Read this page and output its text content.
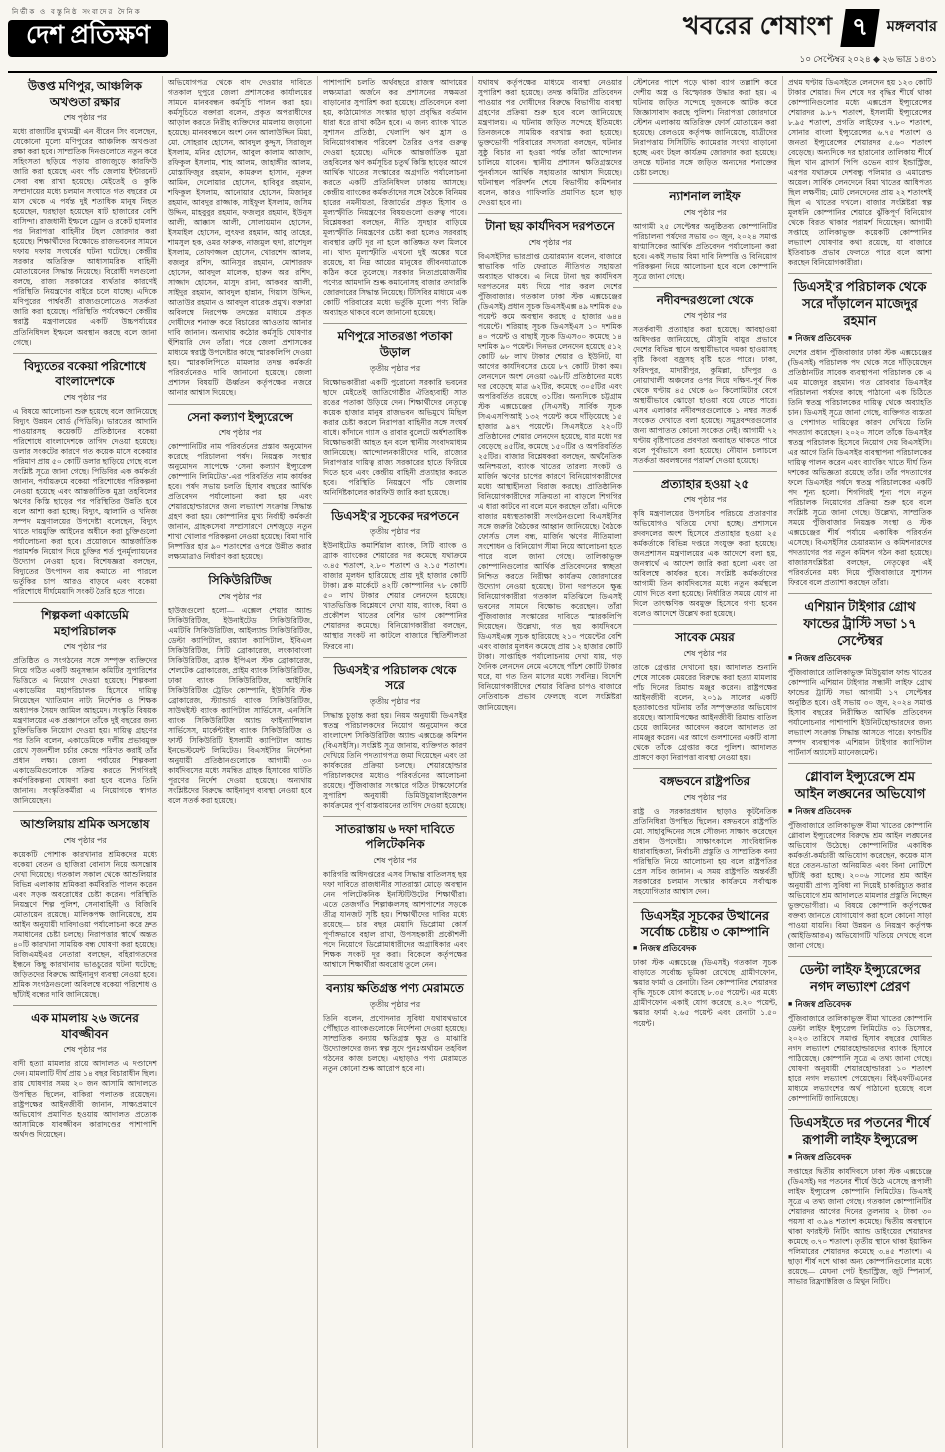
নির্ভীক ও বস্তুনিষ্ঠ সংবাদের দৈনিক
দেশ প্রতিক্ষণ	খবরের শেষাংশ ৭ মঙ্গলবার
১০ সেপ্টেম্বর ২০২৪ ◆ ২৬ ভাদ্র ১৪৩১
উত্তপ্ত মণিপুর, আঞ্চলিক অখণ্ডতা রক্ষার
শেষ পৃষ্ঠার পর

মধ্যে রাজ্যটির মুখ্যমন্ত্রী এন বীরেন সিং বলেছেন, যেকোনো মূল্যে মণিপুরের আঞ্চলিক অখণ্ডতা রক্ষা করা হবে। সাম্প্রতিক দিনগুলোতে নতুন করে সহিংসতা ছড়িয়ে পড়ায় রাজ্যজুড়ে কারফিউ জারি করা হয়েছে এবং পাঁচ জেলায় ইন্টারনেট সেবা বন্ধ রাখা হয়েছে। মেইতেই ও কুকি সম্প্রদায়ের মধ্যে চলমান সংঘাতে গত বছরের মে মাস থেকে এ পর্যন্ত দুই শতাধিক মানুষ নিহত হয়েছেন, ঘরছাড়া হয়েছেন ষাট হাজারের বেশি বাসিন্দা। রাজধানী ইম্ফলে ড্রোন ও রকেট হামলার পর নিরাপত্তা বাহিনীর টহল জোরদার করা হয়েছে। শিক্ষার্থীদের বিক্ষোভে রাজভবনের সামনে দফায় দফায় সংঘর্ষের ঘটনা ঘটেছে। কেন্দ্রীয় সরকার অতিরিক্ত আধাসামরিক বাহিনী মোতায়েনের সিদ্ধান্ত নিয়েছে। বিরোধী দলগুলো বলছে, রাজ্য সরকারের ব্যর্থতার কারণেই পরিস্থিতি নিয়ন্ত্রণের বাইরে চলে যাচ্ছে। এদিকে মণিপুরের পার্শ্ববর্তী রাজ্যগুলোতেও সতর্কতা জারি করা হয়েছে। পরিস্থিতি পর্যবেক্ষণে কেন্দ্রীয় স্বরাষ্ট্র মন্ত্রণালয়ের একটি উচ্চপর্যায়ের প্রতিনিধিদল ইম্ফলে অবস্থান করছে বলে জানা গেছে।

বিদ্যুতের বকেয়া পরিশোধে বাংলাদেশকে
শেষ পৃষ্ঠার পর

এ বিষয়ে আলোচনা শুরু হয়েছে বলে জানিয়েছে বিদ্যুৎ উন্নয়ন বোর্ড (পিডিবি)। ভারতের আদানি পাওয়ারসহ কয়েকটি প্রতিষ্ঠানের বকেয়া পরিশোধে বাংলাদেশকে তাগিদ দেওয়া হয়েছে। ডলার সংকটের কারণে গত কয়েক মাসে বকেয়ার পরিমাণ প্রায় ৫০ কোটি ডলার ছাড়িয়ে গেছে বলে সংশ্লিষ্ট সূত্রে জানা গেছে। পিডিবির এক কর্মকর্তা জানান, পর্যায়ক্রমে বকেয়া পরিশোধের পরিকল্পনা নেওয়া হয়েছে এবং আন্তর্জাতিক মুদ্রা তহবিলের ঋণের কিস্তি ছাড়ের পর পরিস্থিতির উন্নতি হবে বলে আশা করা হচ্ছে। বিদ্যুৎ, জ্বালানি ও খনিজ সম্পদ মন্ত্রণালয়ের উপদেষ্টা বলেছেন, বিদ্যুৎ খাতে দায়মুক্তি আইনের অধীনে করা চুক্তিগুলো পর্যালোচনা করা হবে। প্রয়োজনে আন্তর্জাতিক পরামর্শক নিয়োগ দিয়ে চুক্তির শর্ত পুনর্মূল্যায়নের উদ্যোগ নেওয়া হবে। বিশেষজ্ঞরা বলছেন, বিদ্যুতের উৎপাদন ব্যয় কমাতে না পারলে ভর্তুকির চাপ আরও বাড়বে এবং বকেয়া পরিশোধে দীর্ঘমেয়াদি সংকট তৈরি হতে পারে।

শিল্পকলা একাডেমি মহাপরিচালক
শেষ পৃষ্ঠার পর

প্রতিষ্ঠিত ও সংগঠনের সঙ্গে সম্পৃক্ত ব্যক্তিদের নিয়ে গঠিত একটি অনুসন্ধান কমিটির সুপারিশের ভিত্তিতে এ নিয়োগ দেওয়া হয়েছে। শিল্পকলা একাডেমির মহাপরিচালক হিসেবে দায়িত্ব নিয়েছেন খ্যাতিমান নাট্য নির্দেশক ও শিক্ষক অধ্যাপক সৈয়দ জামিল আহমেদ। সংস্কৃতি বিষয়ক মন্ত্রণালয়ের এক প্রজ্ঞাপনে তাঁকে দুই বছরের জন্য চুক্তিভিত্তিক নিয়োগ দেওয়া হয়। দায়িত্ব গ্রহণের পর তিনি বলেন, একাডেমিকে দলীয় প্রভাবমুক্ত রেখে সৃজনশীল চর্চার কেন্দ্রে পরিণত করাই তাঁর প্রধান লক্ষ্য। জেলা পর্যায়ের শিল্পকলা একাডেমিগুলোকে সক্রিয় করতে শিগগিরই কর্মপরিকল্পনা ঘোষণা করা হবে বলেও তিনি জানান। সংস্কৃতিকর্মীরা এ নিয়োগকে স্বাগত জানিয়েছেন।

আশুলিয়ায় শ্রমিক অসন্তোষ
শেষ পৃষ্ঠার পর

কয়েকটি পোশাক কারখানার শ্রমিকদের মধ্যে বকেয়া বেতন ও হাজিরা বোনাস নিয়ে অসন্তোষ দেখা দিয়েছে। গতকাল সকাল থেকে আশুলিয়ার বিভিন্ন এলাকায় শ্রমিকরা কর্মবিরতি পালন করেন এবং সড়ক অবরোধের চেষ্টা করেন। পরিস্থিতি নিয়ন্ত্রণে শিল্প পুলিশ, সেনাবাহিনী ও বিজিবি মোতায়েন রয়েছে। মালিকপক্ষ জানিয়েছে, শ্রম আইন অনুযায়ী দাবিদাওয়া পর্যালোচনা করে দ্রুত সমাধানের চেষ্টা চলছে। নিরাপত্তার স্বার্থে অন্তত ৪০টি কারখানা সাময়িক বন্ধ ঘোষণা করা হয়েছে। বিজিএমইএর নেতারা বলছেন, বহিরাগতদের ইন্ধনে কিছু কারখানায় ভাঙচুরের ঘটনা ঘটেছে; জড়িতদের বিরুদ্ধে আইনানুগ ব্যবস্থা নেওয়া হবে। শ্রমিক সংগঠনগুলো অবিলম্বে বকেয়া পরিশোধ ও ছাঁটাই বন্ধের দাবি জানিয়েছে।

এক মামলায় ২৬ জনের যাবজ্জীবন
শেষ পৃষ্ঠার পর

বাদী হত্যা মামলার রায়ে আদালত এ দণ্ডাদেশ দেন। মামলাটি দীর্ঘ প্রায় ১৪ বছর বিচারাধীন ছিল। রায় ঘোষণার সময় ২০ জন আসামি আদালতে উপস্থিত ছিলেন, বাকিরা পলাতক রয়েছেন। রাষ্ট্রপক্ষের আইনজীবী জানান, সাক্ষ্যপ্রমাণে অভিযোগ প্রমাণিত হওয়ায় আদালত প্রত্যেক আসামিকে যাবজ্জীবন কারাদণ্ডের পাশাপাশি অর্থদণ্ড দিয়েছেন।

অভিযোগপত্র থেকে বাদ দেওয়ার দাবিতে গতকাল দুপুরে জেলা প্রশাসকের কার্যালয়ের সামনে মানববন্ধন কর্মসূচি পালন করা হয়। কর্মসূচিতে বক্তারা বলেন, প্রকৃত অপরাধীদের আড়াল করতে নিরীহ ব্যক্তিদের মামলায় জড়ানো হয়েছে। মানববন্ধনে অংশ নেন আলাউদ্দিন মিয়া, মো. সোহরাব হোসেন, আবদুল কুদ্দুস, সিরাজুল ইসলাম, মনির হোসেন, আবুল কালাম আজাদ, রফিকুল ইসলাম, শাহ আলম, জাহাঙ্গীর আলম, মোস্তাফিজুর রহমান, কামরুল হাসান, নূরুল আমিন, দেলোয়ার হোসেন, হাবিবুর রহমান, শফিকুল ইসলাম, আনোয়ার হোসেন, মিজানুর রহমান, আবদুর রাজ্জাক, সাইফুল ইসলাম, জসিম উদ্দিন, মাহবুবুর রহমান, ফজলুর রহমান, ইউনুস আলী, আক্কাস আলী, সোলায়মান হোসেন, ইসমাইল হোসেন, লুৎফর রহমান, আবু তাহের, শামসুল হক, ওমর ফারুক, নাজমুল হুদা, রাশেদুল ইসলাম, তোফাজ্জল হোসেন, খোরশেদ আলম, বজলুর রশিদ, আনিসুর রহমান, মোশাররফ হোসেন, আবদুল মালেক, হারুন অর রশিদ, সাজ্জাদ হোসেন, মাসুদ রানা, আকবর আলী, সাইদুর রহমান, আবদুল হান্নান, গিয়াস উদ্দিন, আতাউর রহমান ও আবদুল বারেক প্রমুখ। বক্তারা অবিলম্বে নিরপেক্ষ তদন্তের মাধ্যমে প্রকৃত দোষীদের শনাক্ত করে বিচারের আওতায় আনার দাবি জানান। অন্যথায় কঠোর কর্মসূচি ঘোষণার হুঁশিয়ারি দেন তাঁরা। পরে জেলা প্রশাসকের মাধ্যমে স্বরাষ্ট্র উপদেষ্টার কাছে স্মারকলিপি দেওয়া হয়। স্মারকলিপিতে মামলার তদন্ত কর্মকর্তা পরিবর্তনেরও দাবি জানানো হয়েছে। জেলা প্রশাসন বিষয়টি ঊর্ধ্বতন কর্তৃপক্ষের নজরে আনার আশ্বাস দিয়েছে।

সেনা কল্যাণ ইন্স্যুরেন্সে
শেষ পৃষ্ঠার পর

কোম্পানিটির নাম পরিবর্তনের প্রস্তাব অনুমোদন করেছে পরিচালনা পর্ষদ। নিয়ন্ত্রক সংস্থার অনুমোদন সাপেক্ষে ‘সেনা কল্যাণ ইন্স্যুরেন্স কোম্পানি লিমিটেড’-এর পরিবর্তিত নাম কার্যকর হবে। পর্ষদ সভায় চলতি হিসাব বছরের আর্থিক প্রতিবেদন পর্যালোচনা করা হয় এবং শেয়ারহোল্ডারদের জন্য লভ্যাংশ সংক্রান্ত সিদ্ধান্ত গ্রহণ করা হয়। কোম্পানির মুখ্য নির্বাহী কর্মকর্তা জানান, গ্রাহকসেবা সম্প্রসারণে দেশজুড়ে নতুন শাখা খোলার পরিকল্পনা নেওয়া হয়েছে। বিমা দাবি নিষ্পত্তির হার ৯০ শতাংশের ওপরে উন্নীত করার লক্ষ্যমাত্রাও নির্ধারণ করা হয়েছে।

সিকিউরিটিজ
শেষ পৃষ্ঠার পর

হাউজগুলো হলো— এক্সেল শেয়ার অ্যান্ড সিকিউরিটিজ, ইউনাইটেড সিকিউরিটিজ, এমটিবি সিকিউরিটিজ, আইল্যান্ড সিকিউরিটিজ, ডেল্টা ক্যাপিটাল, রয়্যাল ক্যাপিটাল, ইবিএল সিকিউরিটিজ, সিটি ব্রোকারেজ, লংকাবাংলা সিকিউরিটিজ, ব্র্যাক ইপিএল স্টক ব্রোকারেজ, শেলটেক ব্রোকারেজ, প্রাইম ব্যাংক সিকিউরিটিজ, ঢাকা ব্যাংক সিকিউরিটিজ, আইসিবি সিকিউরিটিজ ট্রেডিং কোম্পানি, ইউসিবি স্টক ব্রোকারেজ, স্ট্যান্ডার্ড ব্যাংক সিকিউরিটিজ, সাউথইস্ট ব্যাংক ক্যাপিটাল সার্ভিসেস, এনসিসি ব্যাংক সিকিউরিটিজ অ্যান্ড ফাইন্যান্সিয়াল সার্ভিসেস, মার্কেন্টাইল ব্যাংক সিকিউরিটিজ ও ফার্স্ট সিকিউরিটি ইসলামী ক্যাপিটাল অ্যান্ড ইনভেস্টমেন্ট লিমিটেড। বিএসইসির নির্দেশনা অনুযায়ী প্রতিষ্ঠানগুলোকে আগামী ৩০ কার্যদিবসের মধ্যে সমন্বিত গ্রাহক হিসাবের ঘাটতি পূরণের নির্দেশ দেওয়া হয়েছে। অন্যথায় সংশ্লিষ্টদের বিরুদ্ধে আইনানুগ ব্যবস্থা নেওয়া হবে বলে সতর্ক করা হয়েছে।

পাশাপাশি চলতি অর্থবছরে রাজস্ব আদায়ের লক্ষ্যমাত্রা অর্জনে কর প্রশাসনের সক্ষমতা বাড়ানোর সুপারিশ করা হয়েছে। প্রতিবেদনে বলা হয়, কাঠামোগত সংস্কার ছাড়া প্রবৃদ্ধির বর্তমান ধারা ধরে রাখা কঠিন হবে। এ জন্য ব্যাংক খাতে সুশাসন প্রতিষ্ঠা, খেলাপি ঋণ হ্রাস ও বিনিয়োগবান্ধব পরিবেশ তৈরির ওপর গুরুত্ব দেওয়া হয়েছে। এদিকে আন্তর্জাতিক মুদ্রা তহবিলের ঋণ কর্মসূচির চতুর্থ কিস্তি ছাড়ের আগে আর্থিক খাতের সংস্কারের অগ্রগতি পর্যালোচনা করতে একটি প্রতিনিধিদল ঢাকায় আসছে। কেন্দ্রীয় ব্যাংকের কর্মকর্তাদের সঙ্গে বৈঠকে বিনিময় হারের নমনীয়তা, রিজার্ভের প্রকৃত হিসাব ও মূল্যস্ফীতি নিয়ন্ত্রণের বিষয়গুলো গুরুত্ব পাবে। বিশ্লেষকরা বলছেন, নীতি সুদহার বাড়িয়ে মূল্যস্ফীতি নিয়ন্ত্রণের চেষ্টা করা হলেও সরবরাহ ব্যবস্থার ত্রুটি দূর না হলে কাঙ্ক্ষিত ফল মিলবে না। খাদ্য মূল্যস্ফীতি এখনো দুই অঙ্কের ঘরে রয়েছে, যা নিম্ন আয়ের মানুষের জীবনযাত্রাকে কঠিন করে তুলেছে। সরকার নিত্যপ্রয়োজনীয় পণ্যের আমদানি শুল্ক কমানোসহ বাজার তদারকি জোরদারের সিদ্ধান্ত নিয়েছে। টিসিবির মাধ্যমে এক কোটি পরিবারের মধ্যে ভর্তুকি মূল্যে পণ্য বিক্রি অব্যাহত থাকবে বলে জানানো হয়েছে।

মণিপুরে সাতরঙা পতাকা উড়াল
তৃতীয় পৃষ্ঠার পর

বিক্ষোভকারীরা একটি পুরোনো সরকারি ভবনের ছাদে মেইতেই জাতিগোষ্ঠীর ঐতিহ্যবাহী সাত রঙের পতাকা উড়িয়ে দেন। শিক্ষার্থীদের নেতৃত্বে কয়েক হাজার মানুষ রাজভবন অভিমুখে মিছিল করার চেষ্টা করলে নিরাপত্তা বাহিনীর সঙ্গে সংঘর্ষ বাধে। কাঁদানে গ্যাস ও রাবার বুলেটে অর্ধশতাধিক বিক্ষোভকারী আহত হন বলে স্থানীয় সংবাদমাধ্যম জানিয়েছে। আন্দোলনকারীদের দাবি, রাজ্যের নিরাপত্তার দায়িত্ব রাজ্য সরকারের হাতে ফিরিয়ে দিতে হবে এবং কেন্দ্রীয় বাহিনী প্রত্যাহার করতে হবে। পরিস্থিতি নিয়ন্ত্রণে পাঁচ জেলায় অনির্দিষ্টকালের কারফিউ জারি করা হয়েছে।

ডিএসই'র সূচকের দরপতনে
তৃতীয় পৃষ্ঠার পর

ইউনাইটেড কমার্শিয়াল ব্যাংক, সিটি ব্যাংক ও ব্র্যাক ব্যাংকের শেয়ারের দর কমেছে যথাক্রমে ৩.৪৫ শতাংশ, ২.৮০ শতাংশ ও ২.১৫ শতাংশ। বাজার মূলধন হারিয়েছে প্রায় দুই হাজার কোটি টাকা। ব্লক মার্কেটে ৪২টি কোম্পানির ৭৮ কোটি ৫০ লাখ টাকার শেয়ার লেনদেন হয়েছে। খাতভিত্তিক বিশ্লেষণে দেখা যায়, ব্যাংক, বিমা ও প্রকৌশল খাতের বেশির ভাগ কোম্পানির শেয়ারদর কমেছে। বিনিয়োগকারীরা বলছেন, আস্থার সংকট না কাটলে বাজারে স্থিতিশীলতা ফিরবে না।

ডিএসই'র পরিচালক থেকে সরে
তৃতীয় পৃষ্ঠার পর

সিদ্ধান্ত চূড়ান্ত করা হয়। নিয়ম অনুযায়ী ডিএসইর স্বতন্ত্র পরিচালকদের নিয়োগ অনুমোদন করে বাংলাদেশ সিকিউরিটিজ অ্যান্ড এক্সচেঞ্জ কমিশন (বিএসইসি)। সংশ্লিষ্ট সূত্র জানায়, ব্যক্তিগত কারণ দেখিয়ে তিনি পদত্যাগপত্র জমা দিয়েছেন এবং তা কার্যকরের প্রক্রিয়া চলছে। শেয়ারহোল্ডার পরিচালকদের মধ্যেও পরিবর্তনের আলোচনা রয়েছে। পুঁজিবাজার সংস্কারে গঠিত টাস্কফোর্সের সুপারিশ অনুযায়ী ডিমিউচুয়ালাইজেশন কার্যক্রমের পূর্ণ বাস্তবায়নের তাগিদ দেওয়া হয়েছে।

সাতরাস্তায় ৬ দফা দাবিতে পলিটেকনিক
শেষ পৃষ্ঠার পর

কারিগরি অধিদপ্তরের এসব সিদ্ধান্ত বাতিলসহ ছয় দফা দাবিতে রাজধানীর সাতরাস্তা মোড়ে অবস্থান নেন পলিটেকনিক ইনস্টিটিউটের শিক্ষার্থীরা। এতে তেজগাঁও শিল্পাঞ্চলসহ আশপাশের সড়কে তীব্র যানজট সৃষ্টি হয়। শিক্ষার্থীদের দাবির মধ্যে রয়েছে— চার বছর মেয়াদি ডিপ্লোমা কোর্স পূর্ণাঙ্গভাবে বহাল রাখা, উপসহকারী প্রকৌশলী পদে নিয়োগে ডিপ্লোমাধারীদের অগ্রাধিকার এবং শিক্ষক সংকট দূর করা। বিকেলে কর্তৃপক্ষের আশ্বাসে শিক্ষার্থীরা অবরোধ তুলে নেন।

বন্যায় ক্ষতিগ্রস্ত পণ্য মেরামতে
তৃতীয় পৃষ্ঠার পর

তিনি বলেন, প্রণোদনার সুবিধা যথাযথভাবে পৌঁছাতে ব্যাংকগুলোকে নির্দেশনা দেওয়া হয়েছে। সাম্প্রতিক বন্যায় ক্ষতিগ্রস্ত ক্ষুদ্র ও মাঝারি উদ্যোক্তাদের জন্য স্বল্প সুদে পুনঃঅর্থায়ন তহবিল গঠনের কাজ চলছে। এছাড়াও পণ্য মেরামতে নতুন কোনো শুল্ক আরোপ হবে না।

যথাযথ কর্তৃপক্ষের মাধ্যমে ব্যবস্থা নেওয়ার সুপারিশ করা হয়েছে। তদন্ত কমিটির প্রতিবেদন পাওয়ার পর দোষীদের বিরুদ্ধে বিভাগীয় ব্যবস্থা গ্রহণের প্রক্রিয়া শুরু হবে বলে জানিয়েছে মন্ত্রণালয়। এ ঘটনায় জড়িত সন্দেহে ইতিমধ্যে তিনজনকে সাময়িক বরখাস্ত করা হয়েছে। ভুক্তভোগী পরিবারের সদস্যরা বলছেন, ঘটনার সুষ্ঠু বিচার না হওয়া পর্যন্ত তাঁরা আন্দোলন চালিয়ে যাবেন। স্থানীয় প্রশাসন ক্ষতিগ্রস্তদের পুনর্বাসনে আর্থিক সহায়তার আশ্বাস দিয়েছে। ঘটনাস্থল পরিদর্শন শেষে বিভাগীয় কমিশনার বলেন, কারও গাফিলতি প্রমাণিত হলে ছাড় দেওয়া হবে না।

টানা ছয় কার্যদিবস দরপতনে
শেষ পৃষ্ঠার পর

বিএসইসির ভারপ্রাপ্ত চেয়ারম্যান বলেন, বাজারে স্বাভাবিক গতি ফেরাতে নীতিগত সহায়তা অব্যাহত থাকবে। এ নিয়ে টানা ছয় কার্যদিবস দরপতনের মধ্য দিয়ে পার করল দেশের পুঁজিবাজার। গতকাল ঢাকা স্টক এক্সচেঞ্জের (ডিএসই) প্রধান সূচক ডিএসইএক্স ৪৯ দশমিক ৫৬ পয়েন্ট কমে অবস্থান করছে ৫ হাজার ৬৪৪ পয়েন্টে। শরিয়াহ সূচক ডিএসইএস ১০ দশমিক ৪০ পয়েন্ট ও বাছাই সূচক ডিএস৩০ কমেছে ১৪ দশমিক ৯০ পয়েন্ট। দিনভর লেনদেন হয়েছে ৫১২ কোটি ৬৮ লাখ টাকার শেয়ার ও ইউনিট, যা আগের কার্যদিবসের চেয়ে ৮৭ কোটি টাকা কম। লেনদেনে অংশ নেওয়া ৩৯৮টি প্রতিষ্ঠানের মধ্যে দর বেড়েছে মাত্র ৬২টির, কমেছে ৩০৫টির এবং অপরিবর্তিত রয়েছে ৩১টির। অন্যদিকে চট্টগ্রাম স্টক এক্সচেঞ্জের (সিএসই) সার্বিক সূচক সিএএসপিআই ১৩২ পয়েন্ট কমে দাঁড়িয়েছে ১৫ হাজার ৯৪৭ পয়েন্টে। সিএসইতে ২২০টি প্রতিষ্ঠানের শেয়ার লেনদেন হয়েছে, যার মধ্যে দর বেড়েছে ৪৫টির, কমেছে ১৫০টির ও অপরিবর্তিত ২৫টির। বাজার বিশ্লেষকরা বলছেন, অর্থনৈতিক অনিশ্চয়তা, ব্যাংক খাতের তারল্য সংকট ও মার্জিন ঋণের চাপের কারণে বিনিয়োগকারীদের মধ্যে আস্থাহীনতা বিরাজ করছে। প্রাতিষ্ঠানিক বিনিয়োগকারীদের সক্রিয়তা না বাড়লে শিগগির এ ধারা কাটবে না বলে মনে করছেন তাঁরা। এদিকে বাজার মধ্যস্থতাকারী সংগঠনগুলো বিএসইসির সঙ্গে জরুরি বৈঠকের আহ্বান জানিয়েছে। বৈঠকে ফোর্সড সেল বন্ধ, মার্জিন ঋণের নীতিমালা সংশোধন ও বিনিয়োগ সীমা নিয়ে আলোচনা হতে পারে বলে জানা গেছে। তালিকাভুক্ত কোম্পানিগুলোর আর্থিক প্রতিবেদনের স্বচ্ছতা নিশ্চিত করতে নিরীক্ষা কার্যক্রম জোরদারের উদ্যোগ নেওয়া হয়েছে। টানা দরপতনে ক্ষুব্ধ বিনিয়োগকারীরা গতকাল মতিঝিলে ডিএসই ভবনের সামনে বিক্ষোভ করেছেন। তাঁরা পুঁজিবাজার সংস্কারের দাবিতে স্মারকলিপি দিয়েছেন। উল্লেখ্য, গত ছয় কার্যদিবসে ডিএসইএক্স সূচক হারিয়েছে ২১০ পয়েন্টের বেশি এবং বাজার মূলধন কমেছে প্রায় ১২ হাজার কোটি টাকা। সাপ্তাহিক পর্যালোচনায় দেখা যায়, গড় দৈনিক লেনদেন নেমে এসেছে পাঁচশ কোটি টাকার ঘরে, যা গত তিন মাসের মধ্যে সর্বনিম্ন। বিদেশি বিনিয়োগকারীদের শেয়ার বিক্রির চাপও বাজারে নেতিবাচক প্রভাব ফেলছে বলে সংশ্লিষ্টরা জানিয়েছেন।

স্টেশনের পাশে পড়ে থাকা ব্যাগ তল্লাশি করে দেশীয় অস্ত্র ও বিস্ফোরক উদ্ধার করা হয়। এ ঘটনায় জড়িত সন্দেহে দুজনকে আটক করে জিজ্ঞাসাবাদ করছে পুলিশ। নিরাপত্তা জোরদারে স্টেশন এলাকায় অতিরিক্ত ফোর্স মোতায়েন করা হয়েছে। রেলওয়ে কর্তৃপক্ষ জানিয়েছে, যাত্রীদের নিরাপত্তায় সিসিটিভি ক্যামেরার সংখ্যা বাড়ানো হচ্ছে এবং টহল কার্যক্রম জোরদার করা হয়েছে। তদন্তে ঘটনার সঙ্গে জড়িত অন্যদের শনাক্তের চেষ্টা চলছে।

ন্যাশনাল লাইফ
শেষ পৃষ্ঠার পর

আগামী ২৫ সেপ্টেম্বর অনুষ্ঠিতব্য কোম্পানিটির পরিচালনা পর্ষদের সভায় ৩০ জুন, ২০২৪ সমাপ্ত ষাণ্মাসিকের আর্থিক প্রতিবেদন পর্যালোচনা করা হবে। একই সভায় বিমা দাবি নিষ্পত্তি ও বিনিয়োগ পরিকল্পনা নিয়ে আলোচনা হবে বলে কোম্পানি সূত্রে জানা গেছে।

নদীবন্দরগুলো থেকে
শেষ পৃষ্ঠার পর

সতর্কবাণী প্রত্যাহার করা হয়েছে। আবহাওয়া অধিদপ্তর জানিয়েছে, মৌসুমি বায়ুর প্রভাবে দেশের বিভিন্ন স্থানে অস্থায়ীভাবে দমকা হাওয়াসহ বৃষ্টি কিংবা বজ্রসহ বৃষ্টি হতে পারে। ঢাকা, ফরিদপুর, মাদারীপুর, কুমিল্লা, চাঁদপুর ও নোয়াখালী অঞ্চলের ওপর দিয়ে দক্ষিণ-পূর্ব দিক থেকে ঘণ্টায় ৪৫ থেকে ৬০ কিলোমিটার বেগে অস্থায়ীভাবে ঝোড়ো হাওয়া বয়ে যেতে পারে। এসব এলাকার নদীবন্দরগুলোকে ১ নম্বর সতর্ক সংকেত দেখাতে বলা হয়েছে। সমুদ্রবন্দরগুলোর জন্য আপাতত কোনো সংকেত নেই। আগামী ৭২ ঘণ্টায় বৃষ্টিপাতের প্রবণতা অব্যাহত থাকতে পারে বলে পূর্বাভাসে বলা হয়েছে। নৌযান চলাচলে সতর্কতা অবলম্বনের পরামর্শ দেওয়া হয়েছে।

প্রত্যাহার হওয়া ২৫
শেষ পৃষ্ঠার পর

কৃষি মন্ত্রণালয়ের উপসচিব পরিচয়ে প্রতারণার অভিযোগও খতিয়ে দেখা হচ্ছে। প্রশাসনে রদবদলের অংশ হিসেবে প্রত্যাহার হওয়া ২৫ কর্মকর্তাকে বিভিন্ন দপ্তরে সংযুক্ত করা হয়েছে। জনপ্রশাসন মন্ত্রণালয়ের এক আদেশে বলা হয়, জনস্বার্থে এ আদেশ জারি করা হলো এবং তা অবিলম্বে কার্যকর হবে। সংশ্লিষ্ট কর্মকর্তাদের আগামী তিন কার্যদিবসের মধ্যে নতুন কর্মস্থলে যোগ দিতে বলা হয়েছে। নির্ধারিত সময়ে যোগ না দিলে তাৎক্ষণিক অবমুক্ত হিসেবে গণ্য হবেন বলেও আদেশে উল্লেখ করা হয়েছে।

সাবেক মেয়র
শেষ পৃষ্ঠার পর

তাকে গ্রেপ্তার দেখানো হয়। আদালত শুনানি শেষে সাবেক মেয়রের বিরুদ্ধে করা হত্যা মামলায় পাঁচ দিনের রিমান্ড মঞ্জুর করেন। রাষ্ট্রপক্ষের আইনজীবী বলেন, ২০১৯ সালের একটি হত্যাকাণ্ডের ঘটনায় তাঁর সম্পৃক্ততার অভিযোগ রয়েছে। আসামিপক্ষের আইনজীবী রিমান্ড বাতিল চেয়ে জামিনের আবেদন করলে আদালত তা নামঞ্জুর করেন। এর আগে গুলশানের একটি বাসা থেকে তাঁকে গ্রেপ্তার করে পুলিশ। আদালত প্রাঙ্গণে কড়া নিরাপত্তা ব্যবস্থা নেওয়া হয়।

বঙ্গভবনে রাষ্ট্রপতির
শেষ পৃষ্ঠার পর

রাষ্ট্র ও সরকারপ্রধান ছাড়াও কূটনৈতিক প্রতিনিধিরা উপস্থিত ছিলেন। বঙ্গভবনে রাষ্ট্রপতি মো. সাহাবুদ্দিনের সঙ্গে সৌজন্য সাক্ষাৎ করেছেন প্রধান উপদেষ্টা। সাক্ষাৎকালে সাংবিধানিক ধারাবাহিকতা, নির্বাচনী প্রস্তুতি ও সাম্প্রতিক বন্যা পরিস্থিতি নিয়ে আলোচনা হয় বলে রাষ্ট্রপতির প্রেস সচিব জানান। এ সময় রাষ্ট্রপতি অন্তর্বর্তী সরকারের চলমান সংস্কার কার্যক্রমে সর্বাত্মক সহযোগিতার আশ্বাস দেন।

ডিএসইর সূচকের উত্থানের সর্বোচ্চ চেষ্টায় ৩ কোম্পানি
■ নিজস্ব প্রতিবেদক

ঢাকা স্টক এক্সচেঞ্জে (ডিএসই) গতকাল সূচক বাড়াতে সর্বোচ্চ ভূমিকা রেখেছে গ্রামীণফোন, স্কয়ার ফার্মা ও রেনাটা। তিন কোম্পানির শেয়ারদর বৃদ্ধি সূচকে যোগ করেছে ৮.৩৫ পয়েন্ট। এর মধ্যে গ্রামীণফোন একাই যোগ করেছে ৪.২০ পয়েন্ট, স্কয়ার ফার্মা ২.৬৫ পয়েন্ট এবং রেনাটা ১.৫০ পয়েন্ট।

প্রথম ঘণ্টায় ডিএসইতে লেনদেন হয় ১২৩ কোটি টাকার শেয়ার। দিন শেষে দর বৃদ্ধির শীর্ষে থাকা কোম্পানিগুলোর মধ্যে এক্সপ্রেস ইন্স্যুরেন্সের শেয়ারদর ৯.৮৭ শতাংশ, ইসলামী ইন্স্যুরেন্সের ৮.৯৫ শতাংশ, প্রগতি লাইফের ৭.৮০ শতাংশ, সোনার বাংলা ইন্স্যুরেন্সের ৬.৭৫ শতাংশ ও জনতা ইন্স্যুরেন্সের শেয়ারদর ৫.৬০ শতাংশ বেড়েছে। অন্যদিকে দর হারানোর তালিকায় শীর্ষে ছিল খান ব্রাদার্স পিপি ওভেন ব্যাগ ইন্ডাস্ট্রিজ, এরপর যথাক্রমে দেশবন্ধু পলিমার ও এমারেল্ড অয়েল। সার্বিক লেনদেনে বিমা খাতের আধিপত্য ছিল লক্ষণীয়; মোট লেনদেনের প্রায় ২২ শতাংশই ছিল এ খাতের দখলে। বাজার সংশ্লিষ্টরা স্বল্প মূলধনি কোম্পানির শেয়ারে ঝুঁকিপূর্ণ বিনিয়োগ থেকে বিরত থাকার পরামর্শ দিয়েছেন। আগামী সপ্তাহে তালিকাভুক্ত কয়েকটি কোম্পানির লভ্যাংশ ঘোষণার কথা রয়েছে, যা বাজারে ইতিবাচক প্রভাব ফেলতে পারে বলে আশা করছেন বিনিয়োগকারীরা।

ডিএসই'র পরিচালক থেকে সরে দাঁড়ালেন মাজেদুর রহমান
■ নিজস্ব প্রতিবেদক

দেশের প্রধান পুঁজিবাজার ঢাকা স্টক এক্সচেঞ্জের (ডিএসই) পরিচালক পদ থেকে সরে দাঁড়িয়েছেন প্রতিষ্ঠানটির সাবেক ব্যবস্থাপনা পরিচালক কে এ এম মাজেদুর রহমান। গত রোববার ডিএসইর পরিচালনা পর্ষদের কাছে পাঠানো এক চিঠিতে তিনি স্বতন্ত্র পরিচালকের দায়িত্ব থেকে অব্যাহতি চান। ডিএসই সূত্রে জানা গেছে, ব্যক্তিগত ব্যস্ততা ও পেশাগত দায়িত্বের কারণ দেখিয়ে তিনি পদত্যাগ করেছেন। ২০২০ সালে তাঁকে ডিএসইর স্বতন্ত্র পরিচালক হিসেবে নিয়োগ দেয় বিএসইসি। এর আগে তিনি ডিএসইর ব্যবস্থাপনা পরিচালকের দায়িত্ব পালন করেন এবং ব্যাংকিং খাতে দীর্ঘ তিন দশকের অভিজ্ঞতা রয়েছে তাঁর। তাঁর পদত্যাগের ফলে ডিএসইর পর্ষদে স্বতন্ত্র পরিচালকের একটি পদ শূন্য হলো। শিগগিরই শূন্য পদে নতুন পরিচালক নিয়োগের প্রক্রিয়া শুরু হবে বলে সংশ্লিষ্ট সূত্রে জানা গেছে। উল্লেখ্য, সাম্প্রতিক সময়ে পুঁজিবাজার নিয়ন্ত্রক সংস্থা ও স্টক এক্সচেঞ্জের শীর্ষ পর্যায়ে একাধিক পরিবর্তন এসেছে। বিএসইসির চেয়ারম্যান ও কমিশনারদের পদত্যাগের পর নতুন কমিশন গঠন করা হয়েছে। বাজারসংশ্লিষ্টরা বলছেন, নেতৃত্বের এই পরিবর্তনের মধ্য দিয়ে পুঁজিবাজারে সুশাসন ফিরবে বলে প্রত্যাশা করছেন তাঁরা।

এশিয়ান টাইগার গ্রোথ ফান্ডের ট্রাস্টি সভা ১৭ সেপ্টেম্বর
■ নিজস্ব প্রতিবেদক

পুঁজিবাজারে তালিকাভুক্ত মিউচুয়াল ফান্ড খাতের কোম্পানি এশিয়ান টাইগার সন্ধানী লাইফ গ্রোথ ফান্ডের ট্রাস্টি সভা আগামী ১৭ সেপ্টেম্বর অনুষ্ঠিত হবে। ওই সভায় ৩০ জুন, ২০২৪ সমাপ্ত হিসাব বছরের নিরীক্ষিত আর্থিক প্রতিবেদন পর্যালোচনার পাশাপাশি ইউনিটহোল্ডারদের জন্য লভ্যাংশ সংক্রান্ত সিদ্ধান্ত আসতে পারে। ফান্ডটির সম্পদ ব্যবস্থাপক এশিয়ান টাইগার ক্যাপিটাল পার্টনার্স অ্যাসেট ম্যানেজমেন্ট।

গ্লোবাল ইন্স্যুরেন্সে শ্রম আইন লঙ্ঘনের অভিযোগ
■ নিজস্ব প্রতিবেদক

পুঁজিবাজারে তালিকাভুক্ত বীমা খাতের কোম্পানি গ্লোবাল ইন্স্যুরেন্সের বিরুদ্ধে শ্রম আইন লঙ্ঘনের অভিযোগ উঠেছে। কোম্পানিটির একাধিক কর্মকর্তা-কর্মচারী অভিযোগ করেছেন, কয়েক মাস ধরে বেতন-ভাতা অনিয়মিত এবং বিনা নোটিশে ছাঁটাই করা হচ্ছে। ২০০৬ সালের শ্রম আইন অনুযায়ী প্রাপ্য সুবিধা না দিয়েই চাকরিচ্যুত করার অভিযোগে শ্রম আদালতে মামলার প্রস্তুতি নিচ্ছেন ভুক্তভোগীরা। এ বিষয়ে কোম্পানি কর্তৃপক্ষের বক্তব্য জানতে যোগাযোগ করা হলে কোনো সাড়া পাওয়া যায়নি। বিমা উন্নয়ন ও নিয়ন্ত্রণ কর্তৃপক্ষ (আইডিআরএ) অভিযোগটি খতিয়ে দেখছে বলে জানা গেছে।

ডেল্টা লাইফ ইন্স্যুরেন্সের নগদ লভ্যাংশ প্রেরণ
■ নিজস্ব প্রতিবেদক

পুঁজিবাজারে তালিকাভুক্ত বীমা খাতের কোম্পানি ডেল্টা লাইফ ইন্স্যুরেন্স লিমিটেড ৩১ ডিসেম্বর, ২০২৩ তারিখে সমাপ্ত হিসাব বছরের ঘোষিত নগদ লভ্যাংশ শেয়ারহোল্ডারদের ব্যাংক হিসাবে পাঠিয়েছে। কোম্পানি সূত্রে এ তথ্য জানা গেছে। ঘোষণা অনুযায়ী শেয়ারহোল্ডাররা ১০ শতাংশ হারে নগদ লভ্যাংশ পেয়েছেন। বিইএফটিএনের মাধ্যমে লভ্যাংশের অর্থ পাঠানো হয়েছে বলে কোম্পানিটি জানিয়েছে।

ডিএসইতে দর পতনের শীর্ষে রূপালী লাইফ ইন্স্যুরেন্স
■ নিজস্ব প্রতিবেদক

সপ্তাহের দ্বিতীয় কার্যদিবসে ঢাকা স্টক এক্সচেঞ্জে (ডিএসই) দর পতনের শীর্ষে উঠে এসেছে রূপালী লাইফ ইন্স্যুরেন্স কোম্পানি লিমিটেড। ডিএসই সূত্রে এ তথ্য জানা গেছে। গতকাল কোম্পানিটির শেয়ারদর আগের দিনের তুলনায় ২ টাকা ৩০ পয়সা বা ৩.৯৪ শতাংশ কমেছে। দ্বিতীয় অবস্থানে থাকা ফারইস্ট নিটিং অ্যান্ড ডাইংয়ের শেয়ারদর কমেছে ৩.৭০ শতাংশ। তৃতীয় স্থানে থাকা ইয়াকিন পলিমারের শেয়ারদর কমেছে ৩.৪৫ শতাংশ। এ ছাড়া শীর্ষ দশে থাকা অন্য কোম্পানিগুলোর মধ্যে রয়েছে— মেঘনা পেট ইন্ডাস্ট্রিজ, জুট স্পিনার্স, সাভার রিফ্র্যাক্টরিজ ও মিথুন নিটিং।
